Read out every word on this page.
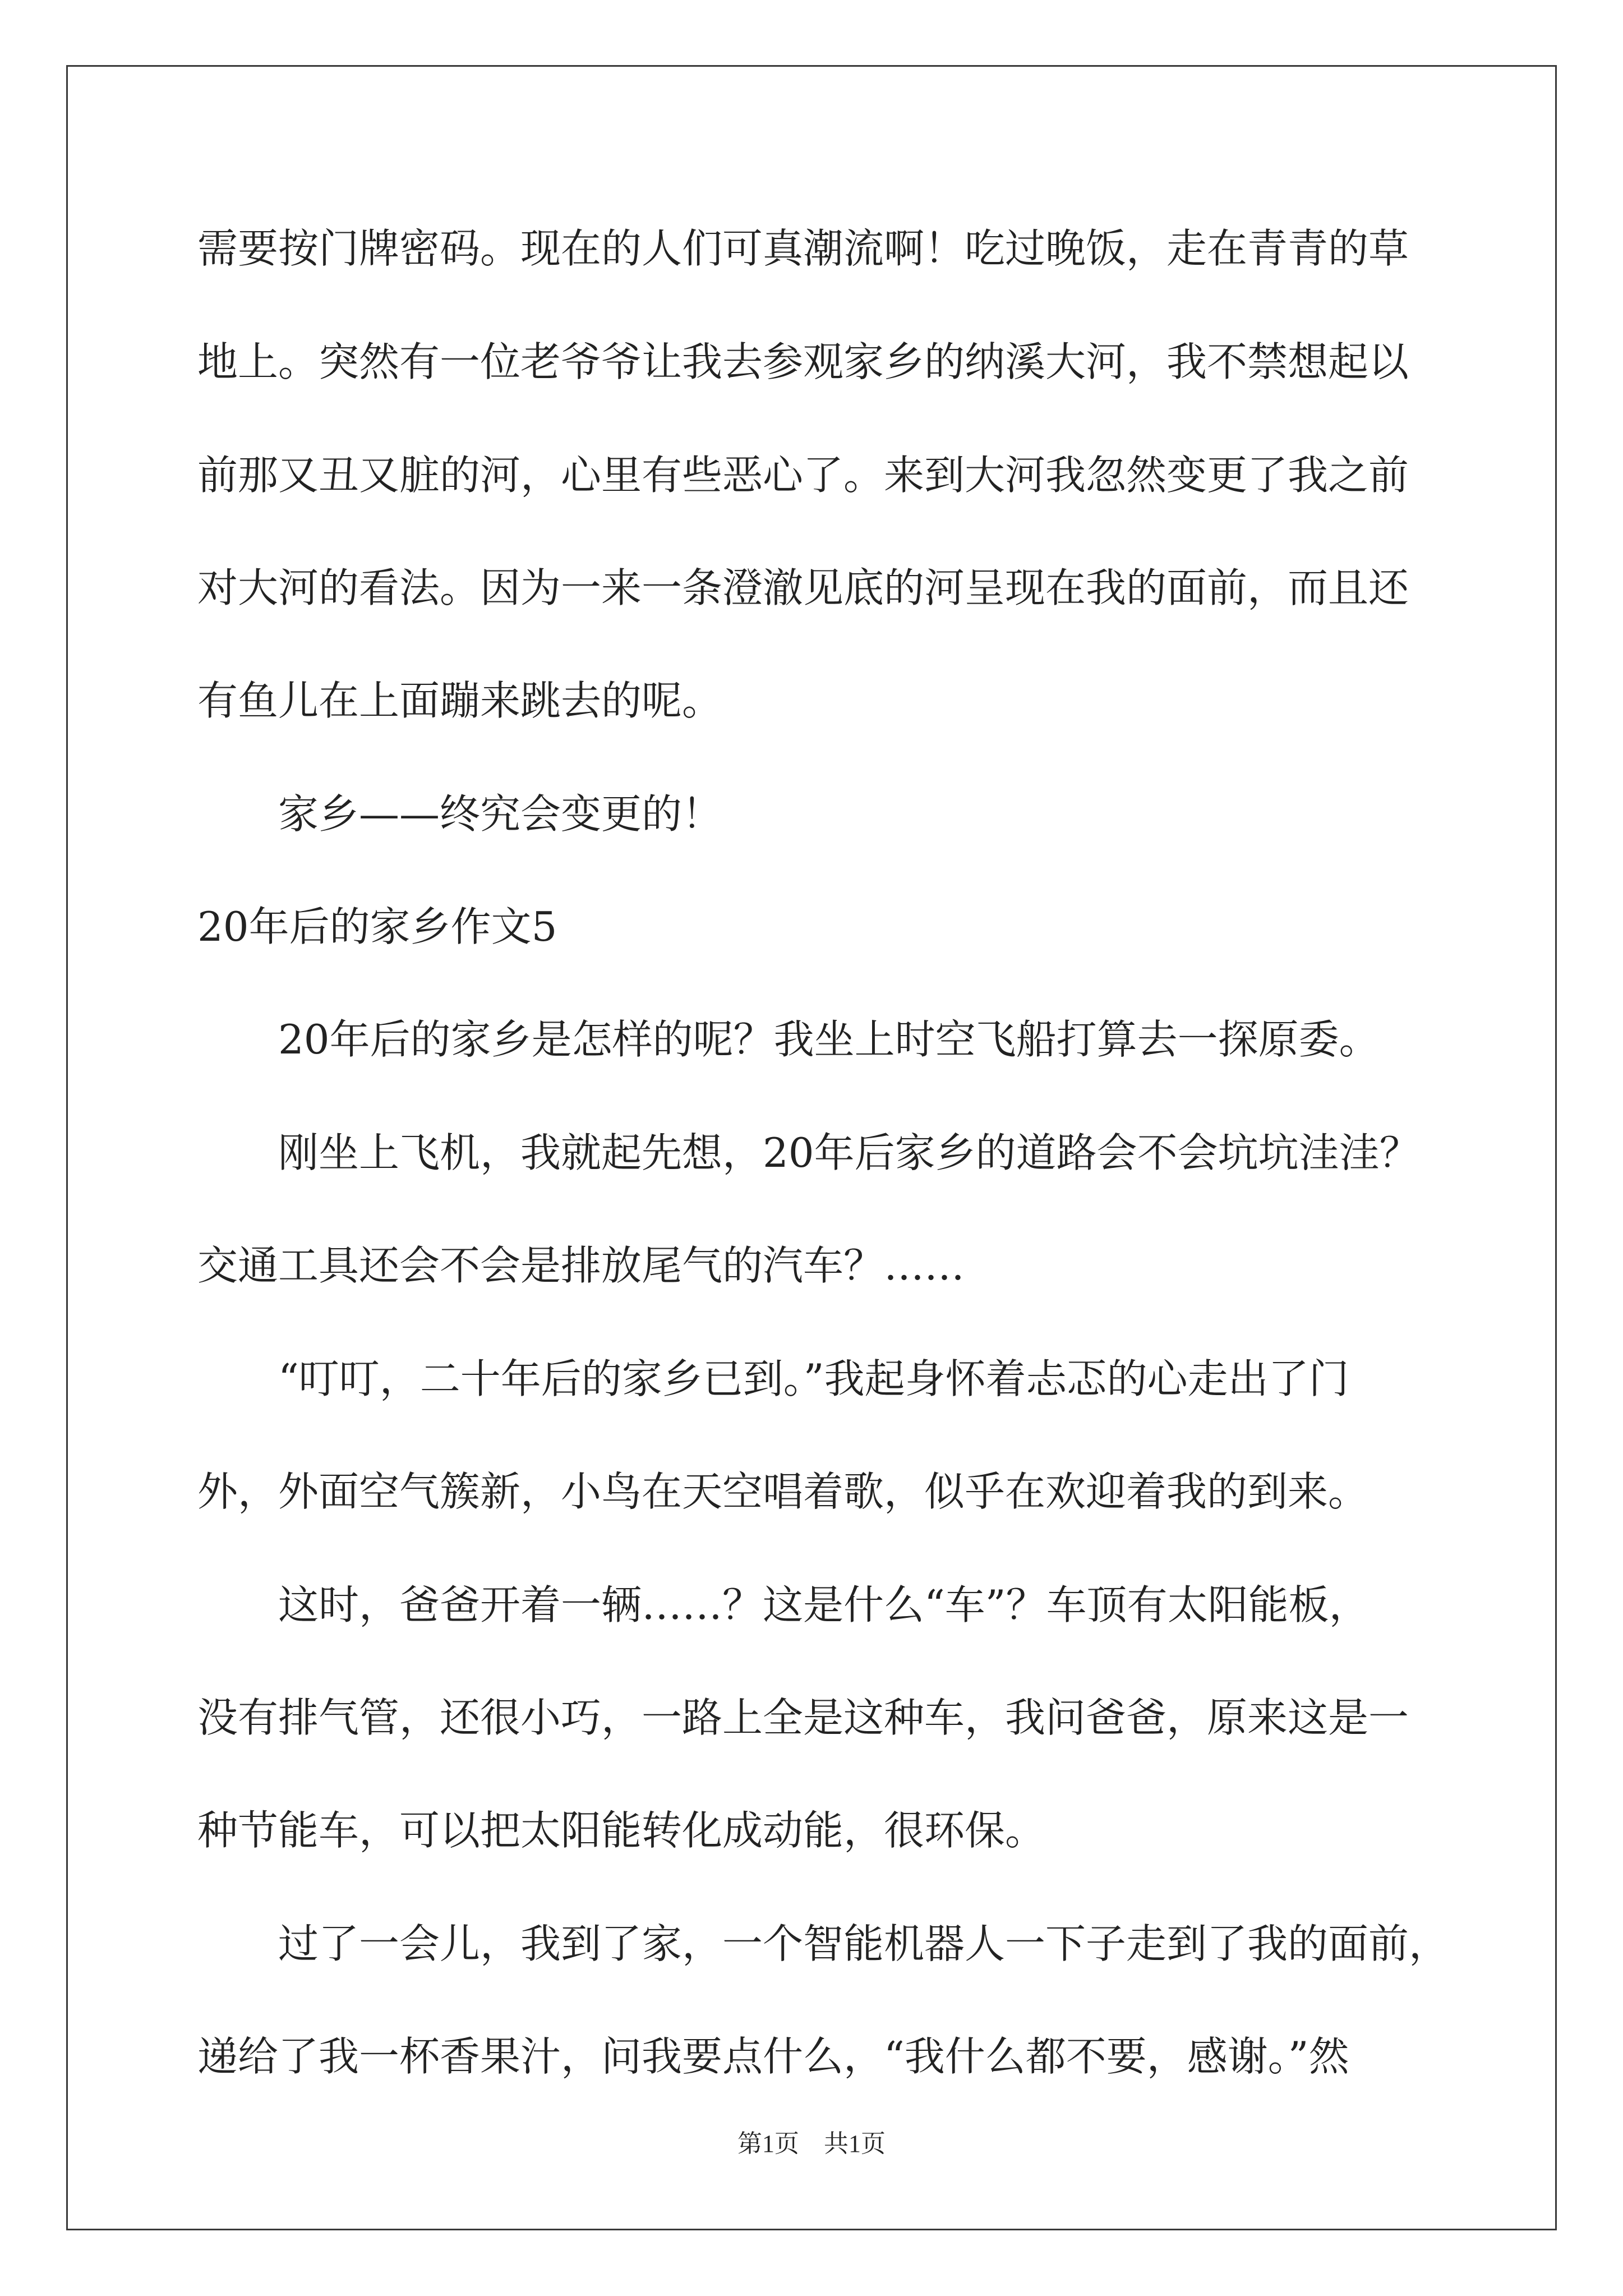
需要按门牌密码。现在的人们可真潮流啊！吃过晚饭，走在青青的草
地上。突然有一位老爷爷让我去参观家乡的纳溪大河，我不禁想起以
前那又丑又脏的河，心里有些恶心了。来到大河我忽然变更了我之前
对大河的看法。因为一来一条澄澈见底的河呈现在我的面前，而且还
有鱼儿在上面蹦来跳去的呢。
家乡——终究会变更的！
20年后的家乡作文5
20年后的家乡是怎样的呢？我坐上时空飞船打算去一探原委。
刚坐上飞机，我就起先想，20年后家乡的道路会不会坑坑洼洼？
交通工具还会不会是排放尾气的汽车？……
“叮叮，二十年后的家乡已到。”我起身怀着忐忑的心走出了门
外，外面空气簇新，小鸟在天空唱着歌，似乎在欢迎着我的到来。
这时，爸爸开着一辆……？这是什么“车”？车顶有太阳能板，
没有排气管，还很小巧，一路上全是这种车，我问爸爸，原来这是一
种节能车，可以把太阳能转化成动能，很环保。
过了一会儿，我到了家，一个智能机器人一下子走到了我的面前，
递给了我一杯香果汁，问我要点什么，“我什么都不要，感谢。”然
第1页　共1页
